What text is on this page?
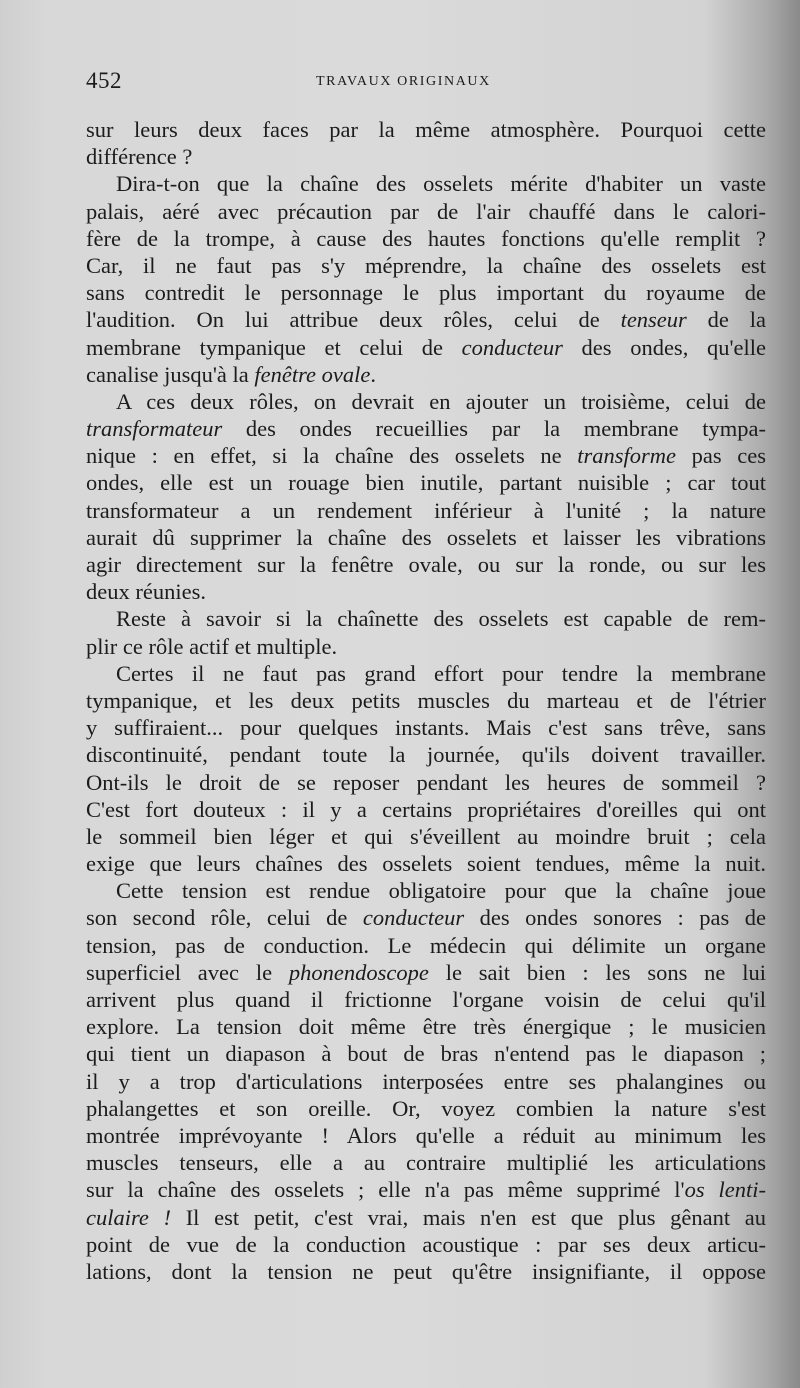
452	TRAVAUX ORIGINAUX
sur leurs deux faces par la même atmosphère. Pourquoi cette
différence ?
Dira-t-on que la chaîne des osselets mérite d'habiter un vaste
palais, aéré avec précaution par de l'air chauffé dans le calori-
fère de la trompe, à cause des hautes fonctions qu'elle remplit ?
Car, il ne faut pas s'y méprendre, la chaîne des osselets est
sans contredit le personnage le plus important du royaume de
l'audition. On lui attribue deux rôles, celui de tenseur de la
membrane tympanique et celui de conducteur des ondes, qu'elle
canalise jusqu'à la fenêtre ovale.
A ces deux rôles, on devrait en ajouter un troisième, celui de
transformateur des ondes recueillies par la membrane tympa-
nique : en effet, si la chaîne des osselets ne transforme pas ces
ondes, elle est un rouage bien inutile, partant nuisible ; car tout
transformateur a un rendement inférieur à l'unité ; la nature
aurait dû supprimer la chaîne des osselets et laisser les vibrations
agir directement sur la fenêtre ovale, ou sur la ronde, ou sur les
deux réunies.
Reste à savoir si la chaînette des osselets est capable de rem-
plir ce rôle actif et multiple.
Certes il ne faut pas grand effort pour tendre la membrane
tympanique, et les deux petits muscles du marteau et de l'étrier
y suffiraient... pour quelques instants. Mais c'est sans trêve, sans
discontinuité, pendant toute la journée, qu'ils doivent travailler.
Ont-ils le droit de se reposer pendant les heures de sommeil ?
C'est fort douteux : il y a certains propriétaires d'oreilles qui ont
le sommeil bien léger et qui s'éveillent au moindre bruit ; cela
exige que leurs chaînes des osselets soient tendues, même la nuit.
Cette tension est rendue obligatoire pour que la chaîne joue
son second rôle, celui de conducteur des ondes sonores : pas de
tension, pas de conduction. Le médecin qui délimite un organe
superficiel avec le phonendoscope le sait bien : les sons ne lui
arrivent plus quand il frictionne l'organe voisin de celui qu'il
explore. La tension doit même être très énergique ; le musicien
qui tient un diapason à bout de bras n'entend pas le diapason ;
il y a trop d'articulations interposées entre ses phalangines ou
phalangettes et son oreille. Or, voyez combien la nature s'est
montrée imprévoyante ! Alors qu'elle a réduit au minimum les
muscles tenseurs, elle a au contraire multiplié les articulations
sur la chaîne des osselets ; elle n'a pas même supprimé l'os lenti-
culaire ! Il est petit, c'est vrai, mais n'en est que plus gênant au
point de vue de la conduction acoustique : par ses deux articu-
lations, dont la tension ne peut qu'être insignifiante, il oppose
